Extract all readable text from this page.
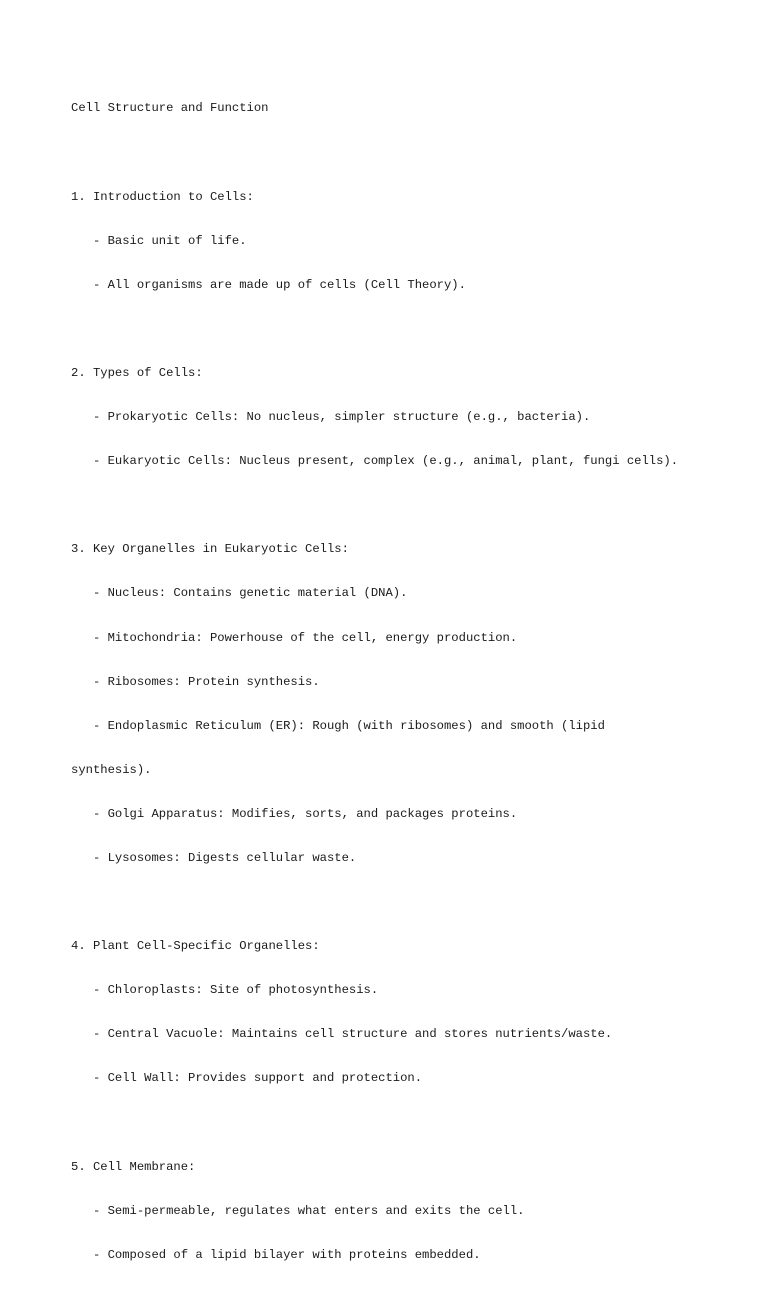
Cell Structure and Function

1. Introduction to Cells:

- Basic unit of life.

- All organisms are made up of cells (Cell Theory).

2. Types of Cells:

- Prokaryotic Cells: No nucleus, simpler structure (e.g., bacteria).

- Eukaryotic Cells: Nucleus present, complex (e.g., animal, plant, fungi cells).

3. Key Organelles in Eukaryotic Cells:

- Nucleus: Contains genetic material (DNA).

- Mitochondria: Powerhouse of the cell, energy production.

- Ribosomes: Protein synthesis.

- Endoplasmic Reticulum (ER): Rough (with ribosomes) and smooth (lipid

synthesis).

- Golgi Apparatus: Modifies, sorts, and packages proteins.

- Lysosomes: Digests cellular waste.

4. Plant Cell-Specific Organelles:

- Chloroplasts: Site of photosynthesis.

- Central Vacuole: Maintains cell structure and stores nutrients/waste.

- Cell Wall: Provides support and protection.

5. Cell Membrane:

- Semi-permeable, regulates what enters and exits the cell.

- Composed of a lipid bilayer with proteins embedded.
